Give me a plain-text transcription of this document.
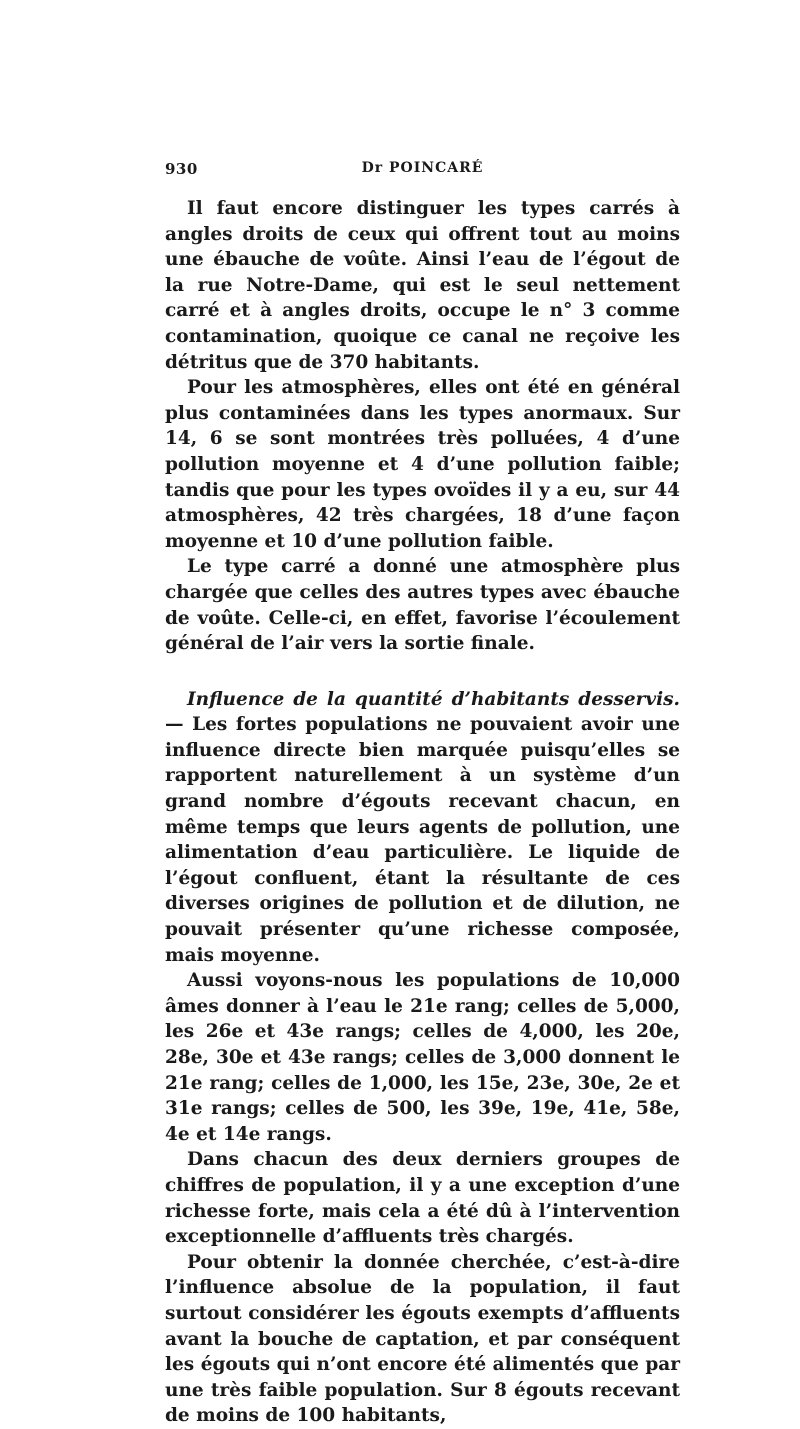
930	Dr POINCARÉ

Il faut encore distinguer les types carrés à angles droits de ceux qui offrent tout au moins une ébauche de voûte. Ainsi l’eau de l’égout de la rue Notre-Dame, qui est le seul nettement carré et à angles droits, occupe le n° 3 comme contamination, quoique ce canal ne reçoive les détritus que de 370 habitants.

Pour les atmosphères, elles ont été en général plus contaminées dans les types anormaux. Sur 14, 6 se sont montrées très polluées, 4 d’une pollution moyenne et 4 d’une pollution faible; tandis que pour les types ovoïdes il y a eu, sur 44 atmosphères, 42 très chargées, 18 d’une façon moyenne et 10 d’une pollution faible.

Le type carré a donné une atmosphère plus chargée que celles des autres types avec ébauche de voûte. Celle-ci, en effet, favorise l’écoulement général de l’air vers la sortie finale.

Influence de la quantité d’habitants desservis. — Les fortes populations ne pouvaient avoir une influence directe bien marquée puisqu’elles se rapportent naturellement à un système d’un grand nombre d’égouts recevant chacun, en même temps que leurs agents de pollution, une alimentation d’eau particulière. Le liquide de l’égout confluent, étant la résultante de ces diverses origines de pollution et de dilution, ne pouvait présenter qu’une richesse composée, mais moyenne.

Aussi voyons-nous les populations de 10,000 âmes donner à l’eau le 21e rang; celles de 5,000, les 26e et 43e rangs; celles de 4,000, les 20e, 28e, 30e et 43e rangs; celles de 3,000 donnent le 21e rang; celles de 1,000, les 15e, 23e, 30e, 2e et 31e rangs; celles de 500, les 39e, 19e, 41e, 58e, 4e et 14e rangs.

Dans chacun des deux derniers groupes de chiffres de population, il y a une exception d’une richesse forte, mais cela a été dû à l’intervention exceptionnelle d’affluents très chargés.

Pour obtenir la donnée cherchée, c’est-à-dire l’influence absolue de la population, il faut surtout considérer les égouts exempts d’affluents avant la bouche de captation, et par conséquent les égouts qui n’ont encore été alimentés que par une très faible population. Sur 8 égouts recevant de moins de 100 habitants,
